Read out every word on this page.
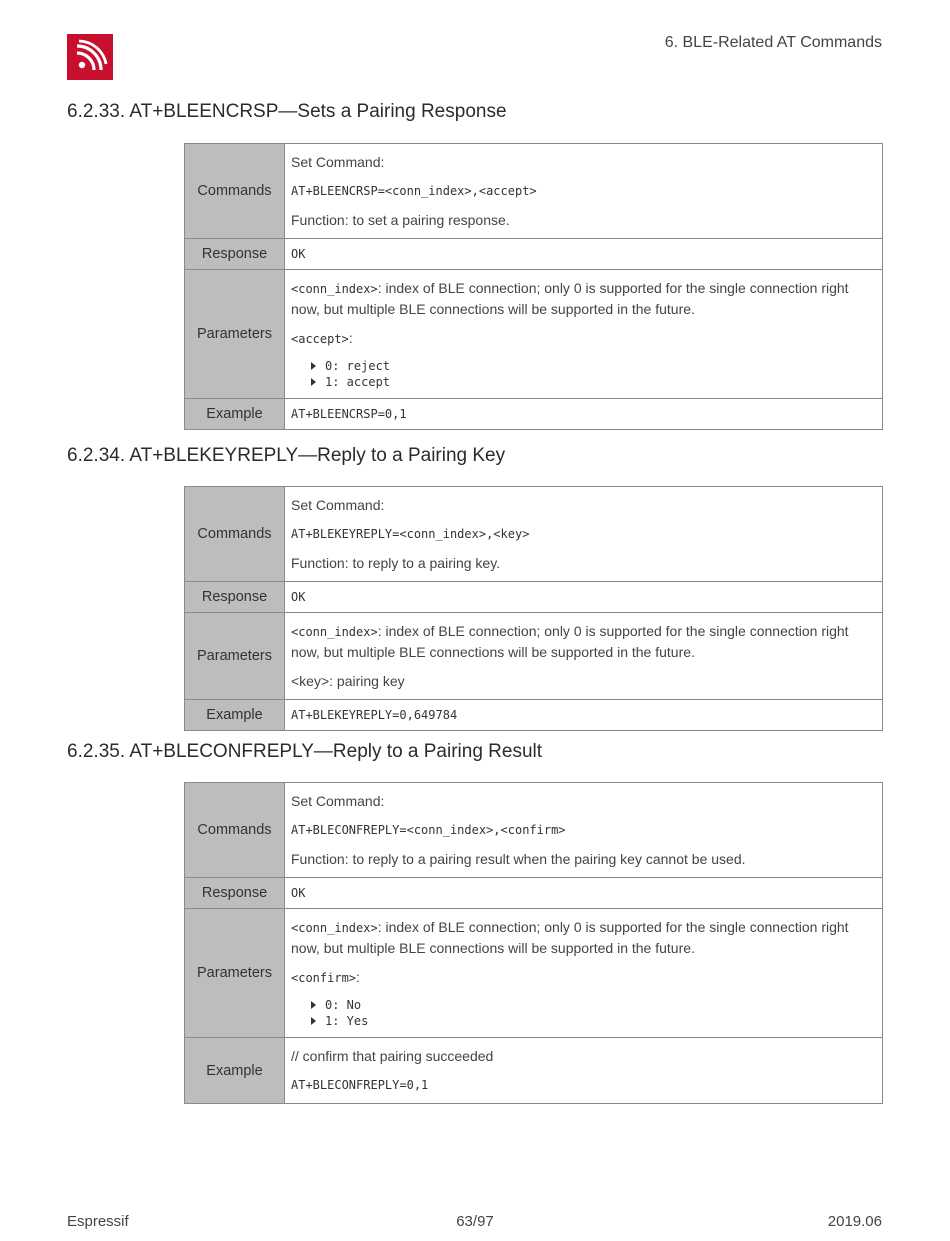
6. BLE-Related AT Commands
6.2.33. AT+BLEENCRSP—Sets a Pairing Response
Commands	Set Command:

AT+BLEENCRSP=<conn_index>,<accept>

Function: to set a pairing response.

Response	OK
Parameters	<conn_index>: index of BLE connection; only 0 is supported for the single connection right now, but multiple BLE connections will be supported in the future.

<accept>:

0: reject
1: accept

Example	AT+BLEENCRSP=0,1
6.2.34. AT+BLEKEYREPLY—Reply to a Pairing Key
Commands	Set Command:

AT+BLEKEYREPLY=<conn_index>,<key>

Function: to reply to a pairing key.

Response	OK
Parameters	<conn_index>: index of BLE connection; only 0 is supported for the single connection right now, but multiple BLE connections will be supported in the future.

<key>: pairing key

Example	AT+BLEKEYREPLY=0,649784
6.2.35. AT+BLECONFREPLY—Reply to a Pairing Result
Commands	Set Command:

AT+BLECONFREPLY=<conn_index>,<confirm>

Function: to reply to a pairing result when the pairing key cannot be used.

Response	OK
Parameters	<conn_index>: index of BLE connection; only 0 is supported for the single connection right now, but multiple BLE connections will be supported in the future.

<confirm>:

0: No
1: Yes

Example	// confirm that pairing succeeded

AT+BLECONFREPLY=0,1

Espressif	63/97	2019.06
